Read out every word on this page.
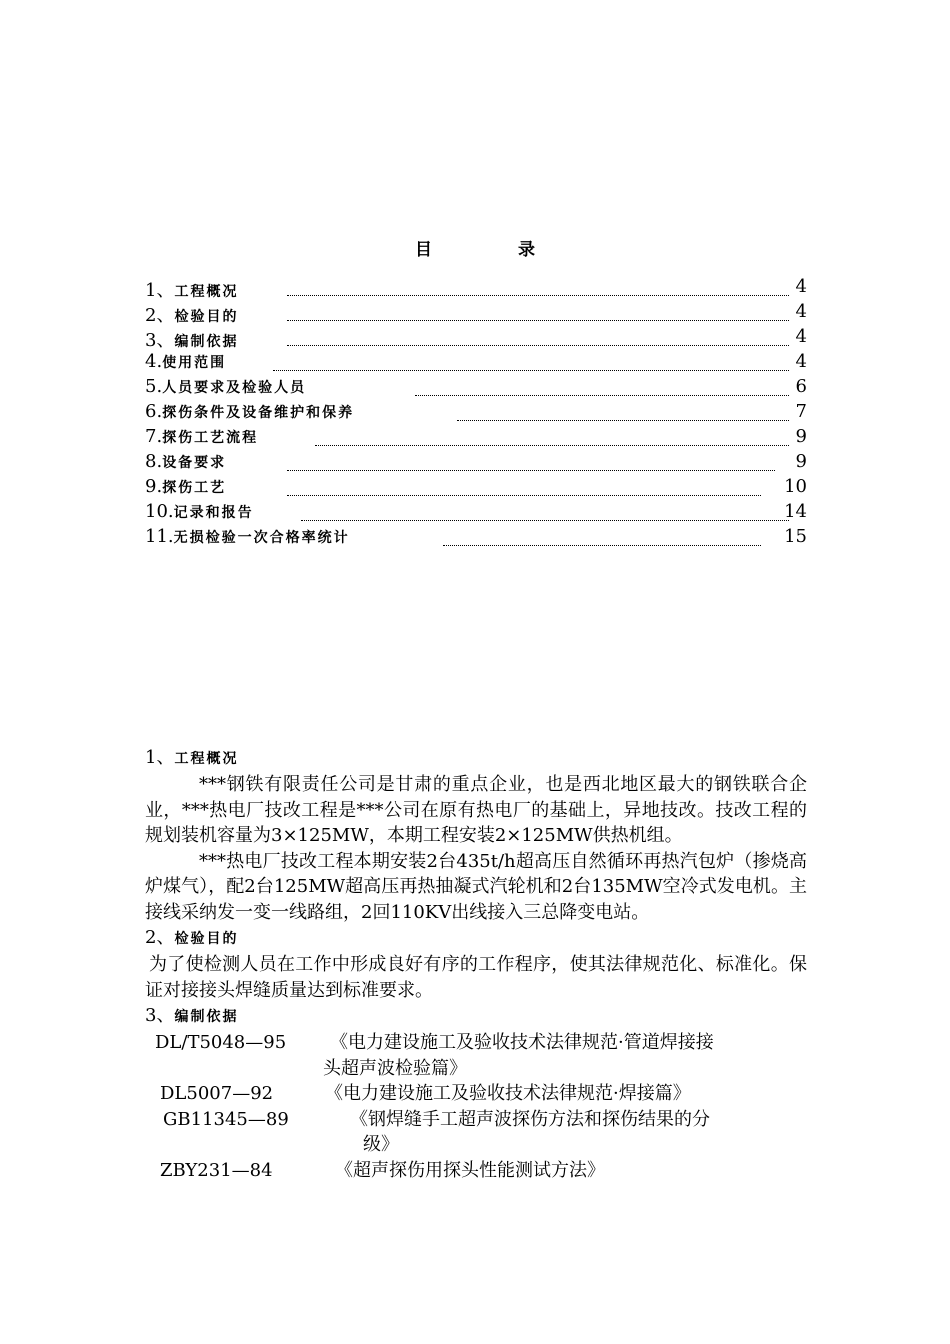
目 录
1、工程概况	4
2、检验目的	4
3、编制依据	4
4.使用范围	4
5.人员要求及检验人员	6
6.探伤条件及设备维护和保养	7
7.探伤工艺流程	9
8.设备要求	9
9.探伤工艺	10
10.记录和报告	14
11.无损检验一次合格率统计	15
1、工程概况

***钢铁有限责任公司是甘肃的重点企业，也是西北地区最大的钢铁联合企业，***热电厂技改工程是***公司在原有热电厂的基础上，异地技改。技改工程的规划装机容量为3×125MW，本期工程安装2×125MW供热机组。

***热电厂技改工程本期安装2台435t/h超高压自然循环再热汽包炉（掺烧高炉煤气），配2台125MW超高压再热抽凝式汽轮机和2台135MW空冷式发电机。主接线采纳发一变一线路组，2回110KV出线接入三总降变电站。

2、检验目的

为了使检测人员在工作中形成良好有序的工作程序，使其法律规范化、标准化。保证对接接头焊缝质量达到标准要求。

3、编制依据
DL/T5048—95 《电力建设施工及验收技术法律规范·管道焊接接
头超声波检验篇》
DL5007—92	《电力建设施工及验收技术法律规范·焊接篇》
GB11345—89	《钢焊缝手工超声波探伤方法和探伤结果的分
级》
ZBY231—84	《超声探伤用探头性能测试方法》
